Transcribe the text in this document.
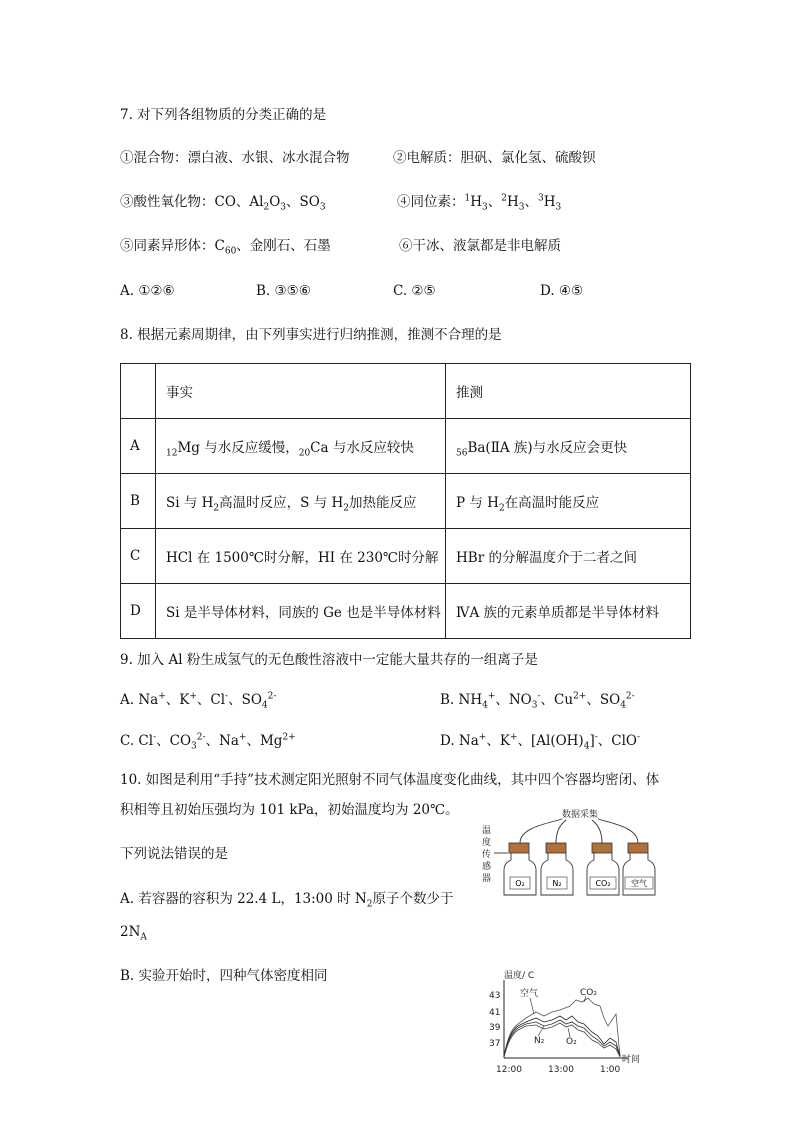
7. 对下列各组物质的分类正确的是
①混合物：漂白液、水银、冰水混合物	②电解质：胆矾、氯化氢、硫酸钡
③酸性氧化物：CO、$Al_2O_3$、$SO_3$	④同位素：$^1H_3$、$^2H_3$、$^3H_3$
⑤同素异形体：$C_{60}$、金刚石、石墨	⑥干冰、液氯都是非电解质
A. ①②⑥	B. ③⑤⑥	C. ②⑤	D. ④⑤
8. 根据元素周期律，由下列事实进行归纳推测，推测不合理的是
	事实	推测
A	$_{12}$Mg 与水反应缓慢，$_{20}$Ca 与水反应较快	$_{56}$Ba(ⅡA 族)与水反应会更快
B	Si 与 $H_2$高温时反应，S 与 $H_2$加热能反应	P 与 $H_2$在高温时能反应
C	HCl 在 1500℃时分解，HI 在 230℃时分解	HBr 的分解温度介于二者之间
D	Si 是半导体材料，同族的 Ge 也是半导体材料	ⅣA 族的元素单质都是半导体材料
9. 加入 Al 粉生成氢气的无色酸性溶液中一定能大量共存的一组离子是
A. Na+、K+、Cl-、$SO_4^{2-}$	B. $NH_4^+$、$NO_3^-$、$Cu^{2+}$、$SO_4^{2-}$
C. Cl-、$CO_3^{2-}$、Na+、$Mg^{2+}$	D. Na+、K+、$[Al(OH)_4]^-$、ClO-
10. 如图是利用“手持”技术测定阳光照射不同气体温度变化曲线，其中四个容器均密闭、体
积相等且初始压强均为 101 kPa，初始温度均为 20℃。
下列说法错误的是
A. 若容器的容积为 22.4 L，13:00 时 $N_2$原子个数少于
$2N_A$
B. 实验开始时，四种气体密度相同
数据采集
温
度
传
感
器	O₂	N₂	CO₂	空气
温度/ C
43
41
39
37
12:00	13:00	1:00
时间
空气	CO₂
N₂ O₂
